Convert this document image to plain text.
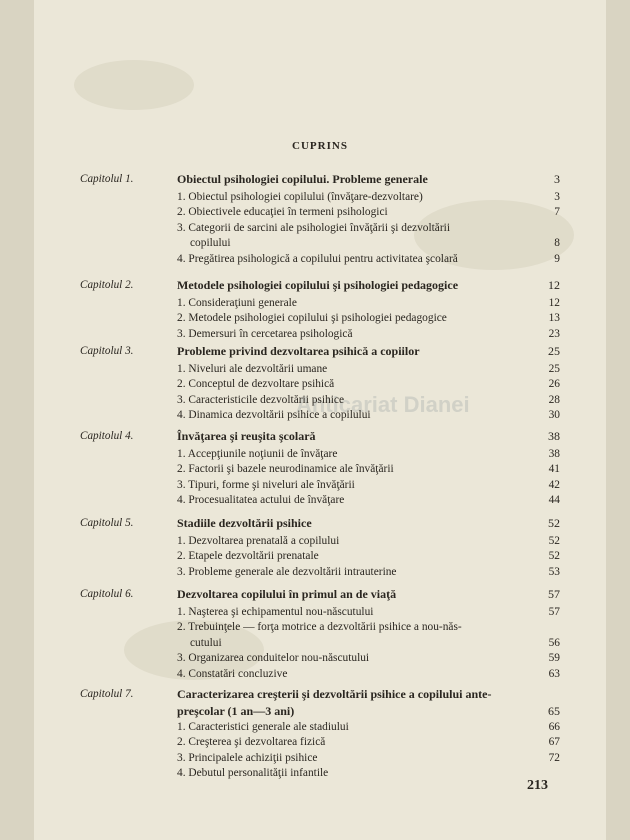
CUPRINS
Anticariat Dianei
Capitolul 1.	Obiectul psihologiei copilului. Probleme generale	3
1. Obiectul psihologiei copilului (învăţare-dezvoltare)	3
2. Obiectivele educaţiei în termeni psihologici	7
3. Categorii de sarcini ale psihologiei învăţării şi dezvoltării
copilului	8
4. Pregătirea psihologică a copilului pentru activitatea şcolară	9
Capitolul 2.	Metodele psihologiei copilului şi psihologiei pedagogice	12
1. Consideraţiuni generale	12
2. Metodele psihologiei copilului şi psihologiei pedagogice	13
3. Demersuri în cercetarea psihologică	23
Capitolul 3.	Probleme privind dezvoltarea psihică a copiilor	25
1. Niveluri ale dezvoltării umane	25
2. Conceptul de dezvoltare psihică	26
3. Caracteristicile dezvoltării psihice	28
4. Dinamica dezvoltării psihice a copilului	30
Capitolul 4.	Învăţarea şi reuşita şcolară	38
1. Accepţiunile noţiunii de învăţare	38
2. Factorii şi bazele neurodinamice ale învăţării	41
3. Tipuri, forme şi niveluri ale învăţării	42
4. Procesualitatea actului de învăţare	44
Capitolul 5.	Stadiile dezvoltării psihice	52
1. Dezvoltarea prenatală a copilului	52
2. Etapele dezvoltării prenatale	52
3. Probleme generale ale dezvoltării intrauterine	53
Capitolul 6.	Dezvoltarea copilului în primul an de viaţă	57
1. Naşterea şi echipamentul nou-născutului	57
2. Trebuinţele — forţa motrice a dezvoltării psihice a nou-năs-
cutului	56
3. Organizarea conduitelor nou-născutului	59
4. Constatări concluzive	63
Capitolul 7.	Caracterizarea creşterii şi dezvoltării psihice a copilului ante-
preşcolar (1 an—3 ani)	65
1. Caracteristici generale ale stadiului	66
2. Creşterea şi dezvoltarea fizică	67
3. Principalele achiziţii psihice	72
4. Debutul personalităţii infantile
213
